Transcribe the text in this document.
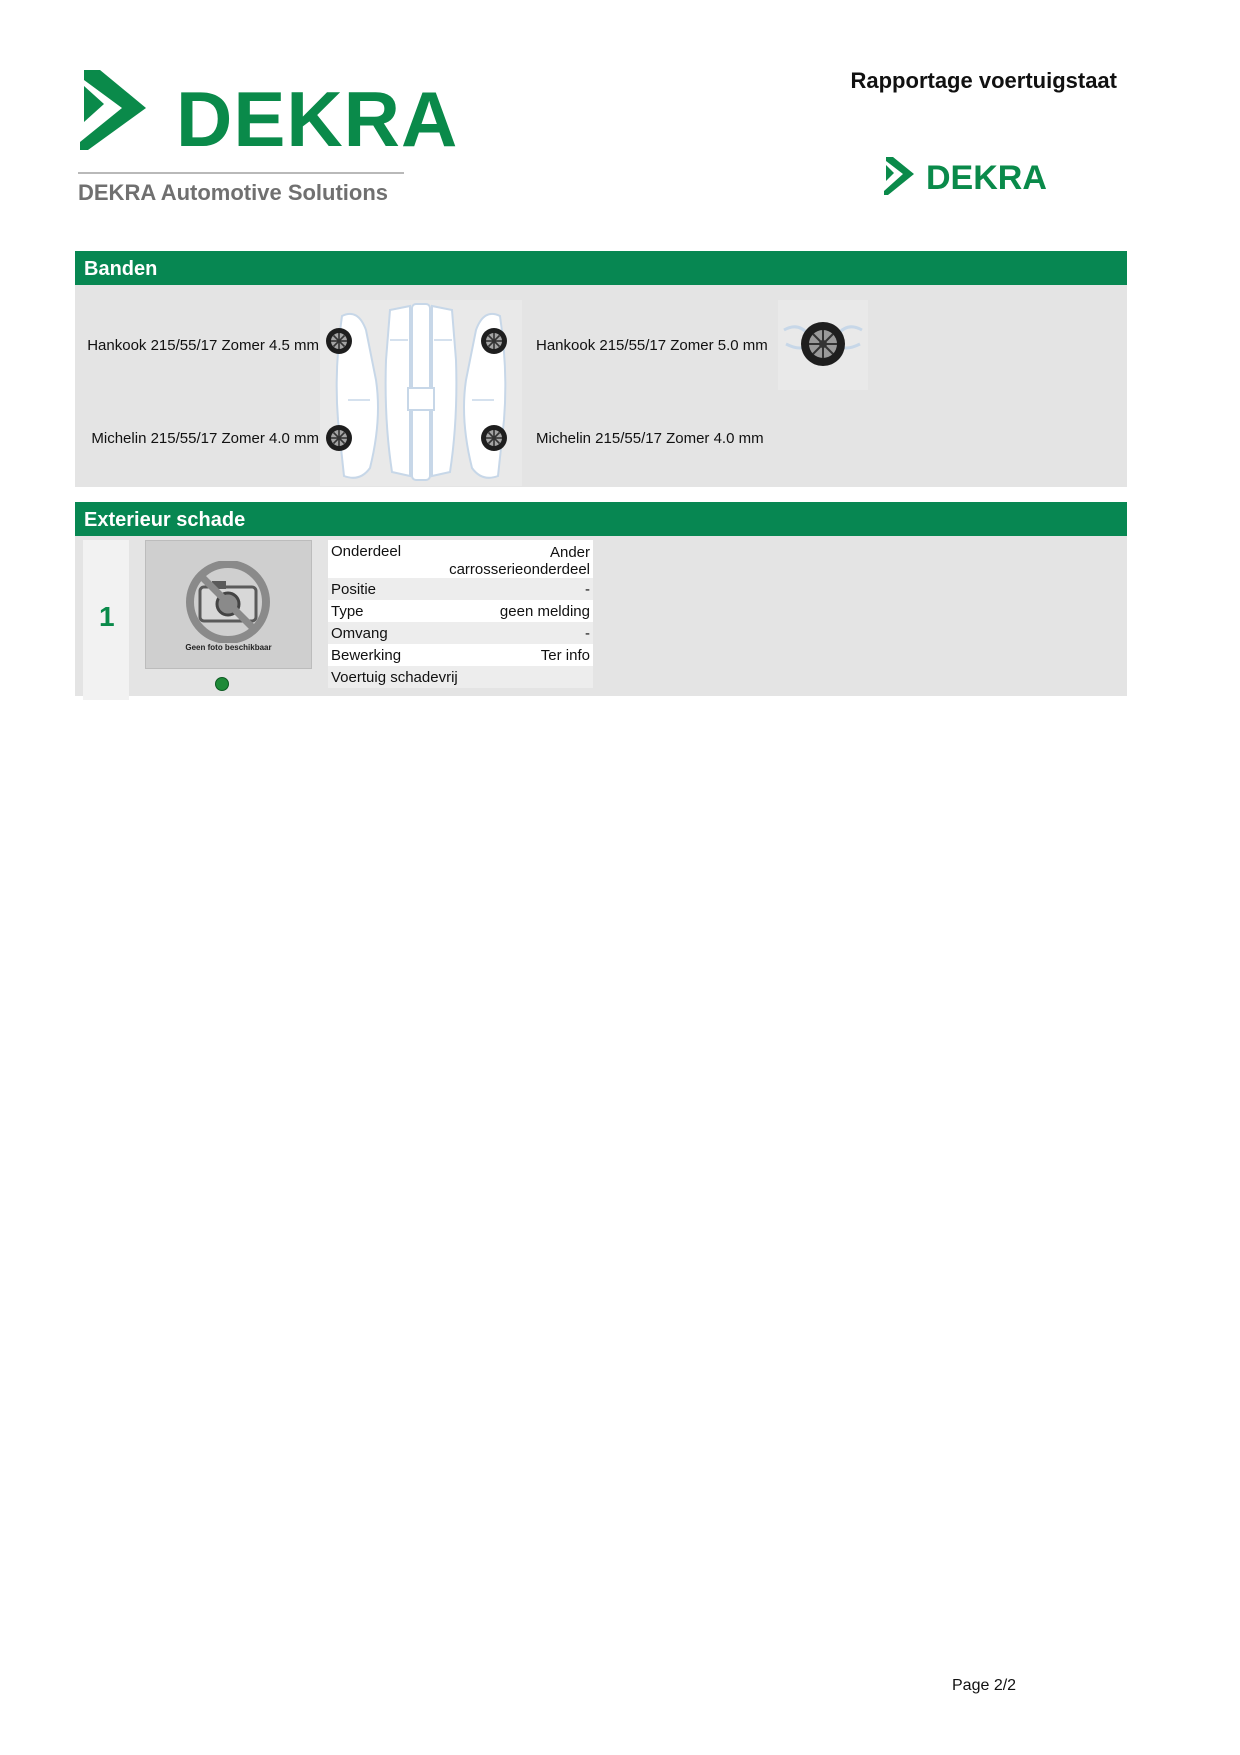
DEKRA
DEKRA Automotive Solutions
Rapportage voertuigstaat
DEKRA
Banden
Hankook 215/55/17 Zomer 4.5 mm	Hankook 215/55/17 Zomer 5.0 mm
Michelin 215/55/17 Zomer 4.0 mm	Michelin 215/55/17 Zomer 4.0 mm
Exterieur schade
1
Geen foto beschikbaar
Onderdeel	Ander carrosserieonderdeel
Positie	-
Type	geen melding
Omvang	-
Bewerking	Ter info
Voertuig schadevrij
Page 2/2
